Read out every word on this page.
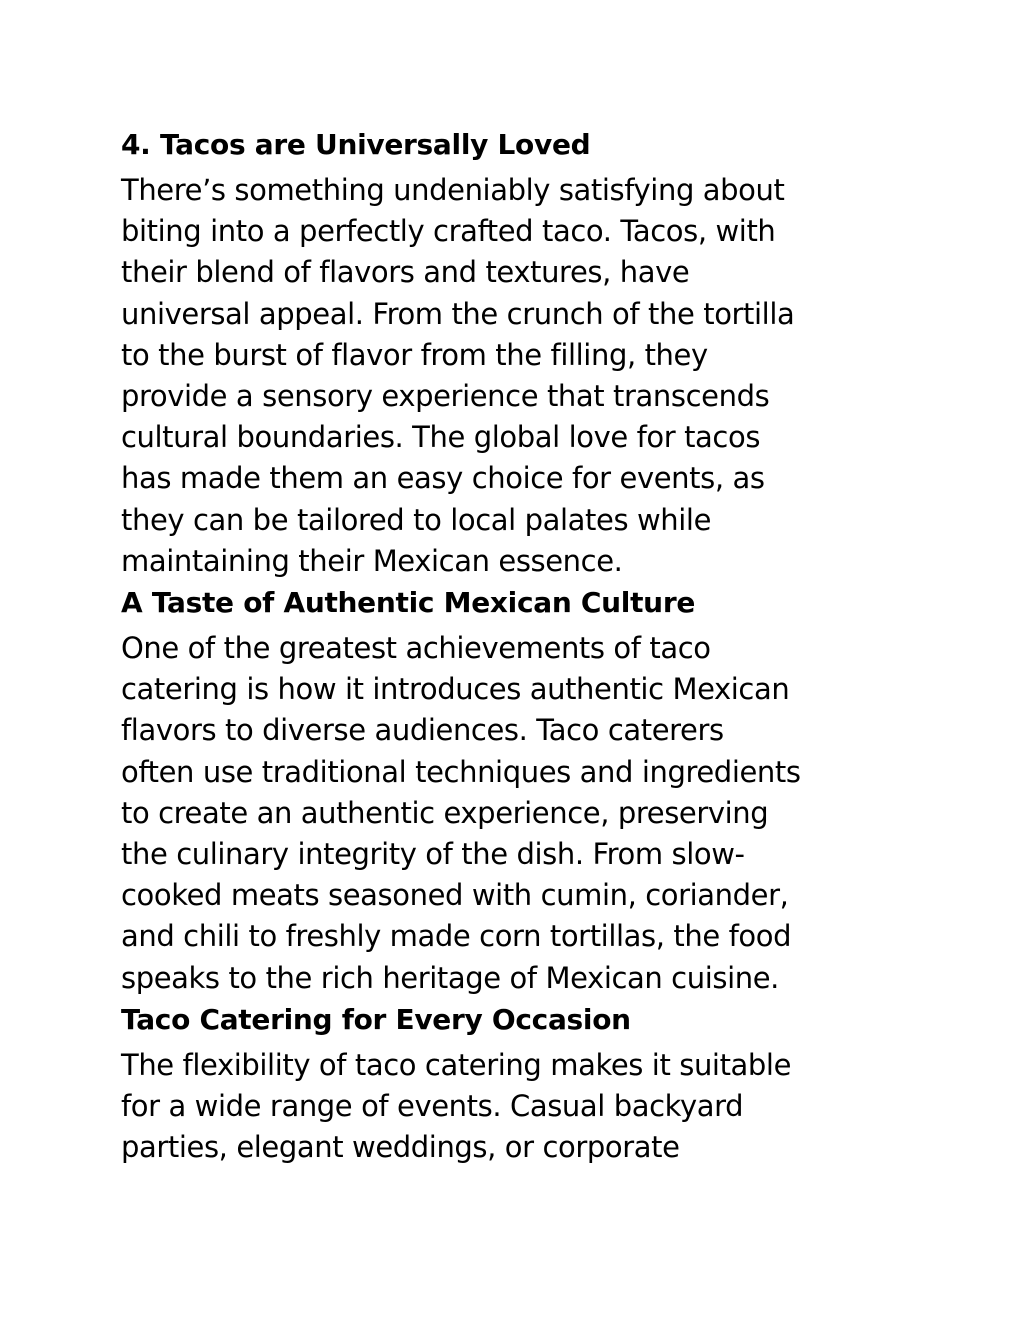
4. Tacos are Universally Loved

There’s something undeniably satisfying about

biting into a perfectly crafted taco. Tacos, with

their blend of flavors and textures, have

universal appeal. From the crunch of the tortilla

to the burst of flavor from the filling, they

provide a sensory experience that transcends

cultural boundaries. The global love for tacos

has made them an easy choice for events, as

they can be tailored to local palates while

maintaining their Mexican essence.

A Taste of Authentic Mexican Culture

One of the greatest achievements of taco

catering is how it introduces authentic Mexican

flavors to diverse audiences. Taco caterers

often use traditional techniques and ingredients

to create an authentic experience, preserving

the culinary integrity of the dish. From slow-

cooked meats seasoned with cumin, coriander,

and chili to freshly made corn tortillas, the food

speaks to the rich heritage of Mexican cuisine.

Taco Catering for Every Occasion

The flexibility of taco catering makes it suitable

for a wide range of events. Casual backyard

parties, elegant weddings, or corporate
